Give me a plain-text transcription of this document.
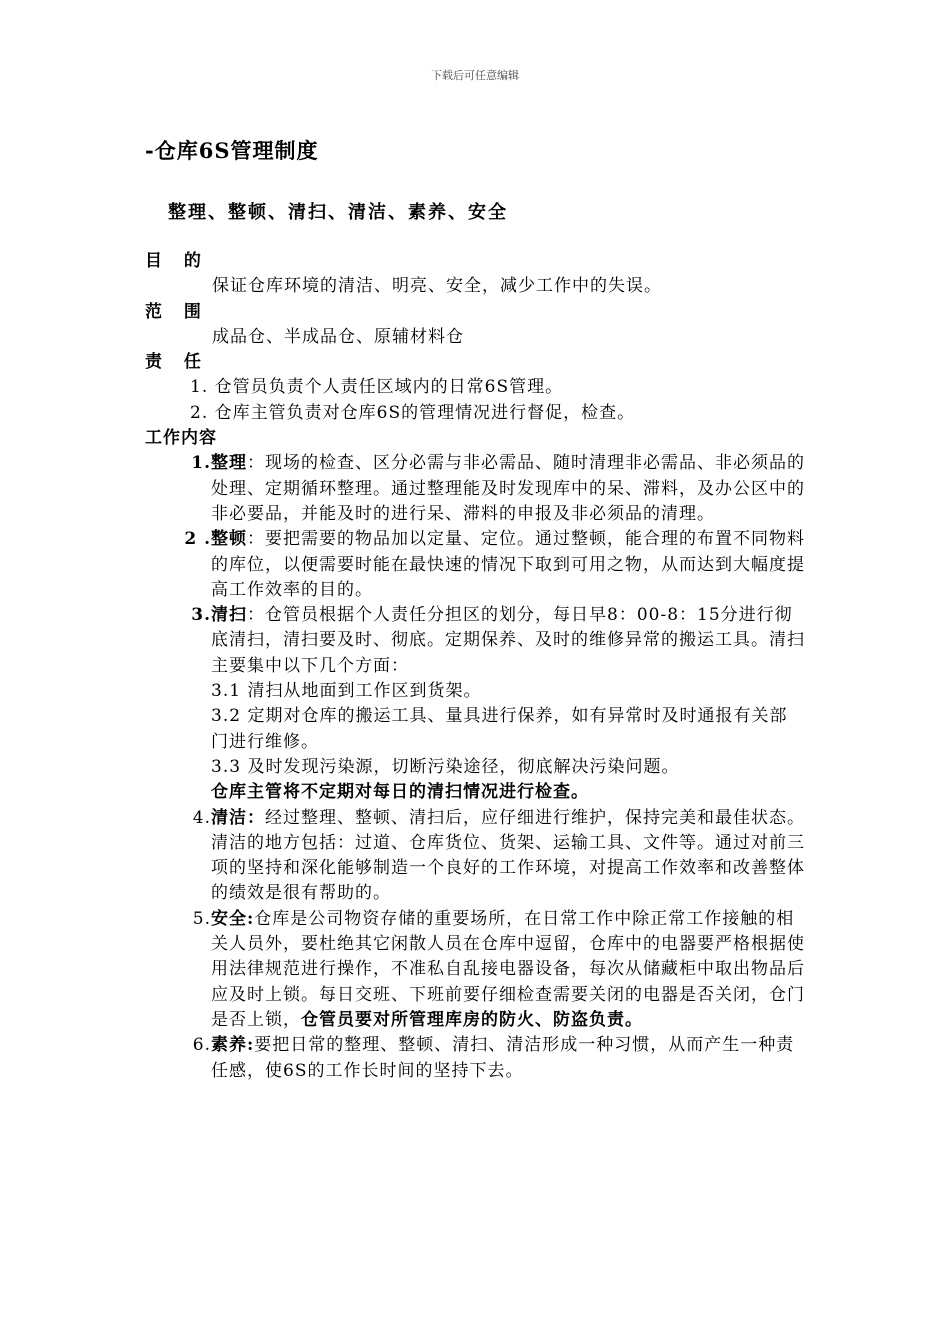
下载后可任意编辑
-仓库6S管理制度
整理、整顿、清扫、清洁、素养、安全
目 的
保证仓库环境的清洁、明亮、安全，减少工作中的失误。
范 围
成品仓、半成品仓、原辅材料仓
责 任
1. 仓管员负责个人责任区域内的日常6S管理。
2. 仓库主管负责对仓库6S的管理情况进行督促，检查。
工作内容
1. 整理：现场的检查、区分必需与非必需品、随时清理非必需品、非必须品的处理、定期循环整理。通过整理能及时发现库中的呆、滞料，及办公区中的非必要品，并能及时的进行呆、滞料的申报及非必须品的清理。
2 . 整顿：要把需要的物品加以定量、定位。通过整顿，能合理的布置不同物料的库位，以便需要时能在最快速的情况下取到可用之物，从而达到大幅度提高工作效率的目的。
3. 清扫：仓管员根据个人责任分担区的划分，每日早8：00-8：15分进行彻底清扫，清扫要及时、彻底。定期保养、及时的维修异常的搬运工具。清扫主要集中以下几个方面：
3.1 清扫从地面到工作区到货架。
3.2 定期对仓库的搬运工具、量具进行保养，如有异常时及时通报有关部门进行维修。
3.3 及时发现污染源，切断污染途径，彻底解决污染问题。
仓库主管将不定期对每日的清扫情况进行检查。
4. 清洁：经过整理、整顿、清扫后，应仔细进行维护，保持完美和最佳状态。清洁的地方包括：过道、仓库货位、货架、运输工具、文件等。通过对前三项的坚持和深化能够制造一个良好的工作环境，对提高工作效率和改善整体的绩效是很有帮助的。
5. 安全:仓库是公司物资存储的重要场所，在日常工作中除正常工作接触的相关人员外，要杜绝其它闲散人员在仓库中逗留，仓库中的电器要严格根据使用法律规范进行操作，不准私自乱接电器设备，每次从储藏柜中取出物品后应及时上锁。每日交班、下班前要仔细检查需要关闭的电器是否关闭，仓门是否上锁，仓管员要对所管理库房的防火、防盗负责。
6. 素养:要把日常的整理、整顿、清扫、清洁形成一种习惯，从而产生一种责任感，使6S的工作长时间的坚持下去。
